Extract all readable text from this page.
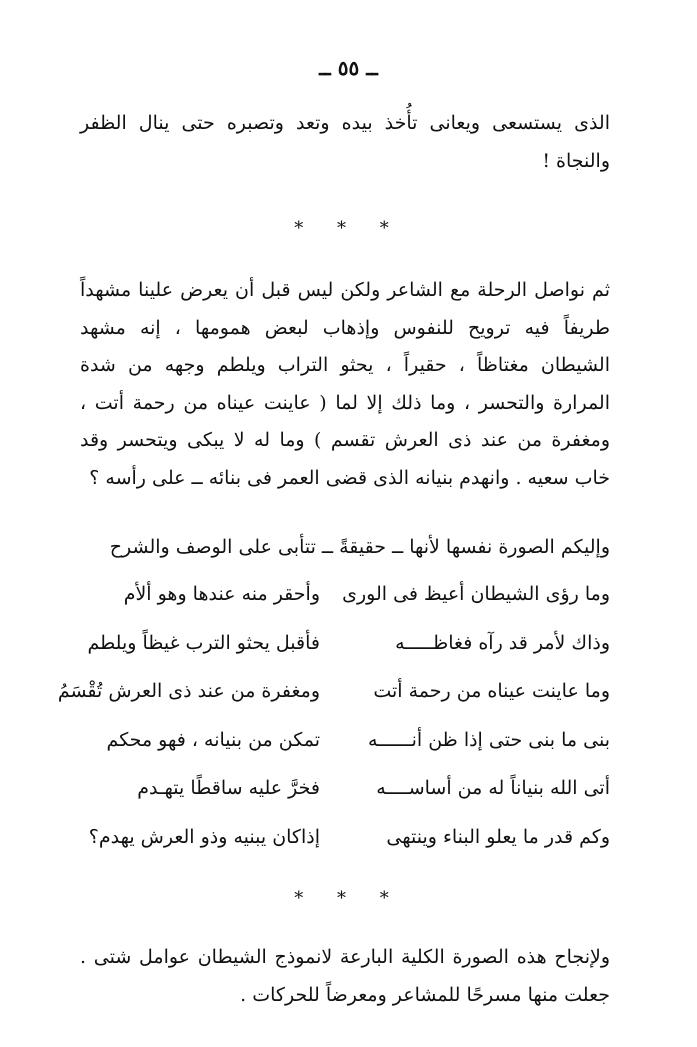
ــ ٥٥ ــ

الذى يستسعى ويعانى تأُخذ بيده وتعد وتصبره حتى ينال الظفر والنجاة !

* * *

ثم نواصل الرحلة مع الشاعر ولكن ليس قبل أن يعرض علينا مشهداً طريفاً فيه ترويح للنفوس وإذهاب لبعض همومها ، إنه مشهد الشيطان مغتاظاً ، حقيراً ، يحثو التراب ويلطم وجهه من شدة المرارة والتحسر ، وما ذلك إلا لما ( عاينت عيناه من رحمة أتت ، ومغفرة من عند ذى العرش تقسم ) وما له لا يبكى ويتحسر وقد خاب سعيه . وانهدم بنيانه الذى قضى العمر فى بنائه ــ على رأسه ؟

وإليكم الصورة نفسها لأنها ــ حقيقةً ــ تتأبى على الوصف والشرح

وما رؤى الشيطان أعيظ فى الورى
وأحقر منه عندها وهو ألأم
وذاك لأمر قد رآه فغاظـــــه
فأقبل يحثو الترب غيظاً ويلطم
وما عاينت عيناه من رحمة أتت
ومغفرة من عند ذى العرش تُقْسَمُ
بنى ما بنى حتى إذا ظن أنــــــه
تمكن من بنيانه ، فهو محكم
أتى الله بنياناً له من أساســــه
فخرَّ عليه ساقطًا يتهـدم
وكم قدر ما يعلو البناء وينتهى
إذاكان يبنيه وذو العرش يهدم؟
* * *

ولإنجاح هذه الصورة الكلية البارعة لانموذج الشيطان عوامل شتى . جعلت منها مسرحًا للمشاعر ومعرضاً للحركات .
